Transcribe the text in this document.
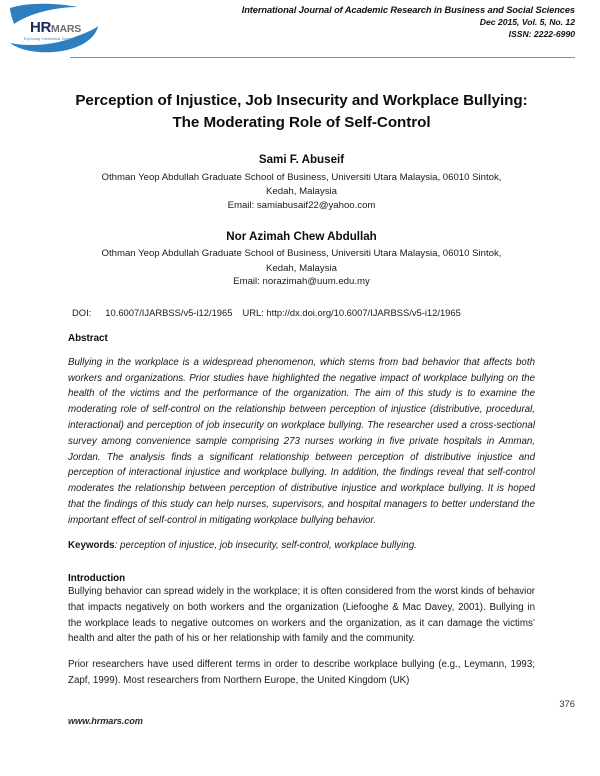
HR MARS
Exploring Intellectual Capital
International Journal of Academic Research in Business and Social Sciences
Dec 2015, Vol. 5, No. 12
ISSN: 2222-6990
Perception of Injustice, Job Insecurity and Workplace Bullying: The Moderating Role of Self-Control
Sami F. Abuseif
Othman Yeop Abdullah Graduate School of Business, Universiti Utara Malaysia, 06010 Sintok,
Kedah, Malaysia
Email: samiabusaif22@yahoo.com
Nor Azimah Chew Abdullah
Othman Yeop Abdullah Graduate School of Business, Universiti Utara Malaysia, 06010 Sintok,
Kedah, Malaysia
Email: norazimah@uum.edu.my
DOI: 10.6007/IJARBSS/v5-i12/1965 URL: http://dx.doi.org/10.6007/IJARBSS/v5-i12/1965
Abstract

Bullying in the workplace is a widespread phenomenon, which stems from bad behavior that affects both workers and organizations. Prior studies have highlighted the negative impact of workplace bullying on the health of the victims and the performance of the organization. The aim of this study is to examine the moderating role of self-control on the relationship between perception of injustice (distributive, procedural, interactional) and perception of job insecurity on workplace bullying. The researcher used a cross-sectional survey among convenience sample comprising 273 nurses working in five private hospitals in Amman, Jordan. The analysis finds a significant relationship between perception of distributive injustice and perception of interactional injustice and workplace bullying. In addition, the findings reveal that self-control moderates the relationship between perception of distributive injustice and workplace bullying. It is hoped that the findings of this study can help nurses, supervisors, and hospital managers to better understand the important effect of self-control in mitigating workplace bullying behavior.

Keywords: perception of injustice, job insecurity, self-control, workplace bullying.

Introduction

Bullying behavior can spread widely in the workplace; it is often considered from the worst kinds of behavior that impacts negatively on both workers and the organization (Liefooghe & Mac Davey, 2001). Bullying in the workplace leads to negative outcomes on workers and the organization, as it can damage the victims’ health and alter the path of his or her relationship with family and the community.

Prior researchers have used different terms in order to describe workplace bullying (e.g., Leymann, 1993; Zapf, 1999). Most researchers from Northern Europe, the United Kingdom (UK)

376
www.hrmars.com
